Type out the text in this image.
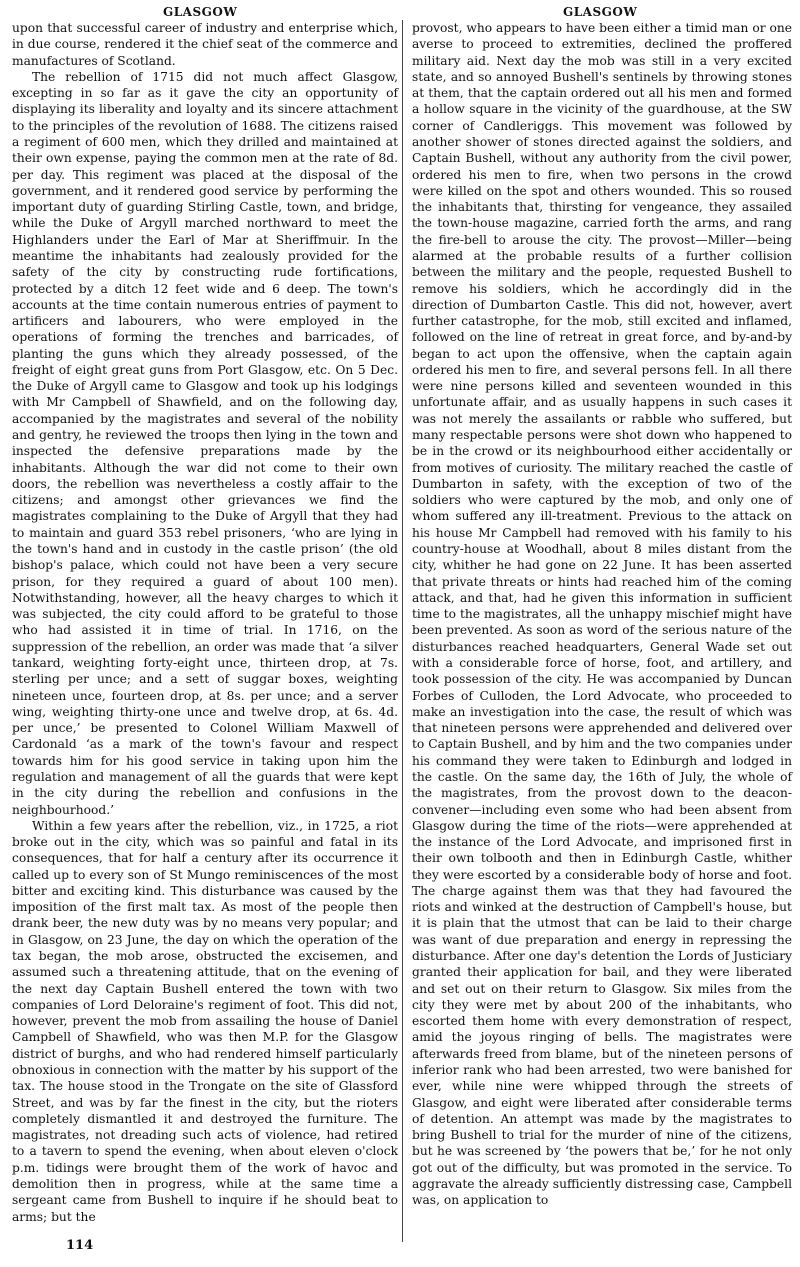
GLASGOW	GLASGOW

upon that successful career of industry and enterprise which, in due course, rendered it the chief seat of the commerce and manufactures of Scotland.

The rebellion of 1715 did not much affect Glasgow, excepting in so far as it gave the city an opportunity of displaying its liberality and loyalty and its sincere attachment to the principles of the revolution of 1688. The citizens raised a regiment of 600 men, which they drilled and maintained at their own expense, paying the common men at the rate of 8d. per day. This regiment was placed at the disposal of the government, and it rendered good service by performing the important duty of guarding Stirling Castle, town, and bridge, while the Duke of Argyll marched northward to meet the Highlanders under the Earl of Mar at Sheriffmuir. In the meantime the inhabitants had zealously provided for the safety of the city by constructing rude fortifications, protected by a ditch 12 feet wide and 6 deep. The town's accounts at the time contain numerous entries of payment to artificers and labourers, who were employed in the operations of forming the trenches and barricades, of planting the guns which they already possessed, of the freight of eight great guns from Port Glasgow, etc. On 5 Dec. the Duke of Argyll came to Glasgow and took up his lodgings with Mr Campbell of Shawfield, and on the following day, accompanied by the magistrates and several of the nobility and gentry, he reviewed the troops then lying in the town and inspected the defensive preparations made by the inhabitants. Although the war did not come to their own doors, the rebellion was nevertheless a costly affair to the citizens; and amongst other grievances we find the magistrates complaining to the Duke of Argyll that they had to maintain and guard 353 rebel prisoners, ‘who are lying in the town's hand and in custody in the castle prison’ (the old bishop's palace, which could not have been a very secure prison, for they required a guard of about 100 men). Notwithstanding, however, all the heavy charges to which it was subjected, the city could afford to be grateful to those who had assisted it in time of trial. In 1716, on the suppression of the rebellion, an order was made that ‘a silver tankard, weighting forty-eight unce, thirteen drop, at 7s. sterling per unce; and a sett of suggar boxes, weighting nineteen unce, fourteen drop, at 8s. per unce; and a server wing, weighting thirty-one unce and twelve drop, at 6s. 4d. per unce,’ be presented to Colonel William Maxwell of Cardonald ‘as a mark of the town's favour and respect towards him for his good service in taking upon him the regulation and management of all the guards that were kept in the city during the rebellion and confusions in the neighbourhood.’

Within a few years after the rebellion, viz., in 1725, a riot broke out in the city, which was so painful and fatal in its consequences, that for half a century after its occurrence it called up to every son of St Mungo reminiscences of the most bitter and exciting kind. This disturbance was caused by the imposition of the first malt tax. As most of the people then drank beer, the new duty was by no means very popular; and in Glasgow, on 23 June, the day on which the operation of the tax began, the mob arose, obstructed the excisemen, and assumed such a threatening attitude, that on the evening of the next day Captain Bushell entered the town with two companies of Lord Deloraine's regiment of foot. This did not, however, prevent the mob from assailing the house of Daniel Campbell of Shawfield, who was then M.P. for the Glasgow district of burghs, and who had rendered himself particularly obnoxious in connection with the matter by his support of the tax. The house stood in the Trongate on the site of Glassford Street, and was by far the finest in the city, but the rioters completely dismantled it and destroyed the furniture. The magistrates, not dreading such acts of violence, had retired to a tavern to spend the evening, when about eleven o'clock p.m. tidings were brought them of the work of havoc and demolition then in progress, while at the same time a sergeant came from Bushell to inquire if he should beat to arms; but the

provost, who appears to have been either a timid man or one averse to proceed to extremities, declined the proffered military aid. Next day the mob was still in a very excited state, and so annoyed Bushell's sentinels by throwing stones at them, that the captain ordered out all his men and formed a hollow square in the vicinity of the guardhouse, at the SW corner of Candleriggs. This movement was followed by another shower of stones directed against the soldiers, and Captain Bushell, without any authority from the civil power, ordered his men to fire, when two persons in the crowd were killed on the spot and others wounded. This so roused the inhabitants that, thirsting for vengeance, they assailed the town-house magazine, carried forth the arms, and rang the fire-bell to arouse the city. The provost—Miller—being alarmed at the probable results of a further collision between the military and the people, requested Bushell to remove his soldiers, which he accordingly did in the direction of Dumbarton Castle. This did not, however, avert further catastrophe, for the mob, still excited and inflamed, followed on the line of retreat in great force, and by-and-by began to act upon the offensive, when the captain again ordered his men to fire, and several persons fell. In all there were nine persons killed and seventeen wounded in this unfortunate affair, and as usually happens in such cases it was not merely the assailants or rabble who suffered, but many respectable persons were shot down who happened to be in the crowd or its neighbourhood either accidentally or from motives of curiosity. The military reached the castle of Dumbarton in safety, with the exception of two of the soldiers who were captured by the mob, and only one of whom suffered any ill-treatment. Previous to the attack on his house Mr Campbell had removed with his family to his country-house at Woodhall, about 8 miles distant from the city, whither he had gone on 22 June. It has been asserted that private threats or hints had reached him of the coming attack, and that, had he given this information in sufficient time to the magistrates, all the unhappy mischief might have been prevented. As soon as word of the serious nature of the disturbances reached headquarters, General Wade set out with a considerable force of horse, foot, and artillery, and took possession of the city. He was accompanied by Duncan Forbes of Culloden, the Lord Advocate, who proceeded to make an investigation into the case, the result of which was that nineteen persons were apprehended and delivered over to Captain Bushell, and by him and the two companies under his command they were taken to Edinburgh and lodged in the castle. On the same day, the 16th of July, the whole of the magistrates, from the provost down to the deacon-convener—including even some who had been absent from Glasgow during the time of the riots—were apprehended at the instance of the Lord Advocate, and imprisoned first in their own tolbooth and then in Edinburgh Castle, whither they were escorted by a considerable body of horse and foot. The charge against them was that they had favoured the riots and winked at the destruction of Campbell's house, but it is plain that the utmost that can be laid to their charge was want of due preparation and energy in repressing the disturbance. After one day's detention the Lords of Justiciary granted their application for bail, and they were liberated and set out on their return to Glasgow. Six miles from the city they were met by about 200 of the inhabitants, who escorted them home with every demonstration of respect, amid the joyous ringing of bells. The magistrates were afterwards freed from blame, but of the nineteen persons of inferior rank who had been arrested, two were banished for ever, while nine were whipped through the streets of Glasgow, and eight were liberated after considerable terms of detention. An attempt was made by the magistrates to bring Bushell to trial for the murder of nine of the citizens, but he was screened by ‘the powers that be,’ for he not only got out of the difficulty, but was promoted in the service. To aggravate the already sufficiently distressing case, Campbell was, on application to

114
